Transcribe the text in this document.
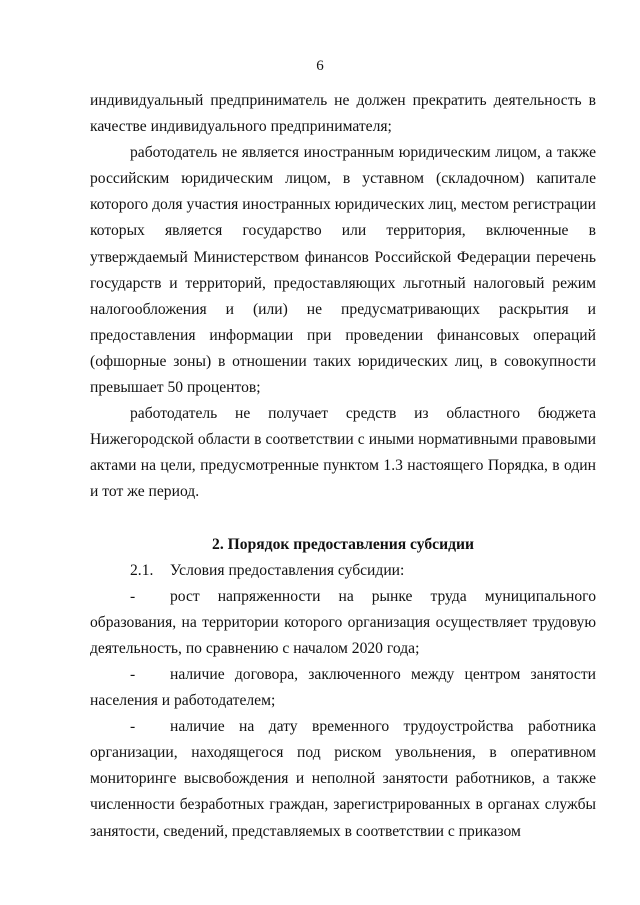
6

индивидуальный предприниматель не должен прекратить деятельность в качестве индивидуального предпринимателя;

работодатель не является иностранным юридическим лицом, а также российским юридическим лицом, в уставном (складочном) капитале которого доля участия иностранных юридических лиц, местом регистрации которых является государство или территория, включенные в утверждаемый Министерством финансов Российской Федерации перечень государств и территорий, предоставляющих льготный налоговый режим налогообложения и (или) не предусматривающих раскрытия и предоставления информации при проведении финансовых операций (офшорные зоны) в отношении таких юридических лиц, в совокупности превышает 50 процентов;

работодатель не получает средств из областного бюджета Нижегородской области в соответствии с иными нормативными правовыми актами на цели, предусмотренные пунктом 1.3 настоящего Порядка, в один и тот же период.

2. Порядок предоставления субсидии

2.1. Условия предоставления субсидии:

- рост напряженности на рынке труда муниципального образования, на территории которого организация осуществляет трудовую деятельность, по сравнению с началом 2020 года;

- наличие договора, заключенного между центром занятости населения и работодателем;

- наличие на дату временного трудоустройства работника организации, находящегося под риском увольнения, в оперативном мониторинге высвобождения и неполной занятости работников, а также численности безработных граждан, зарегистрированных в органах службы занятости, сведений, представляемых в соответствии с приказом
